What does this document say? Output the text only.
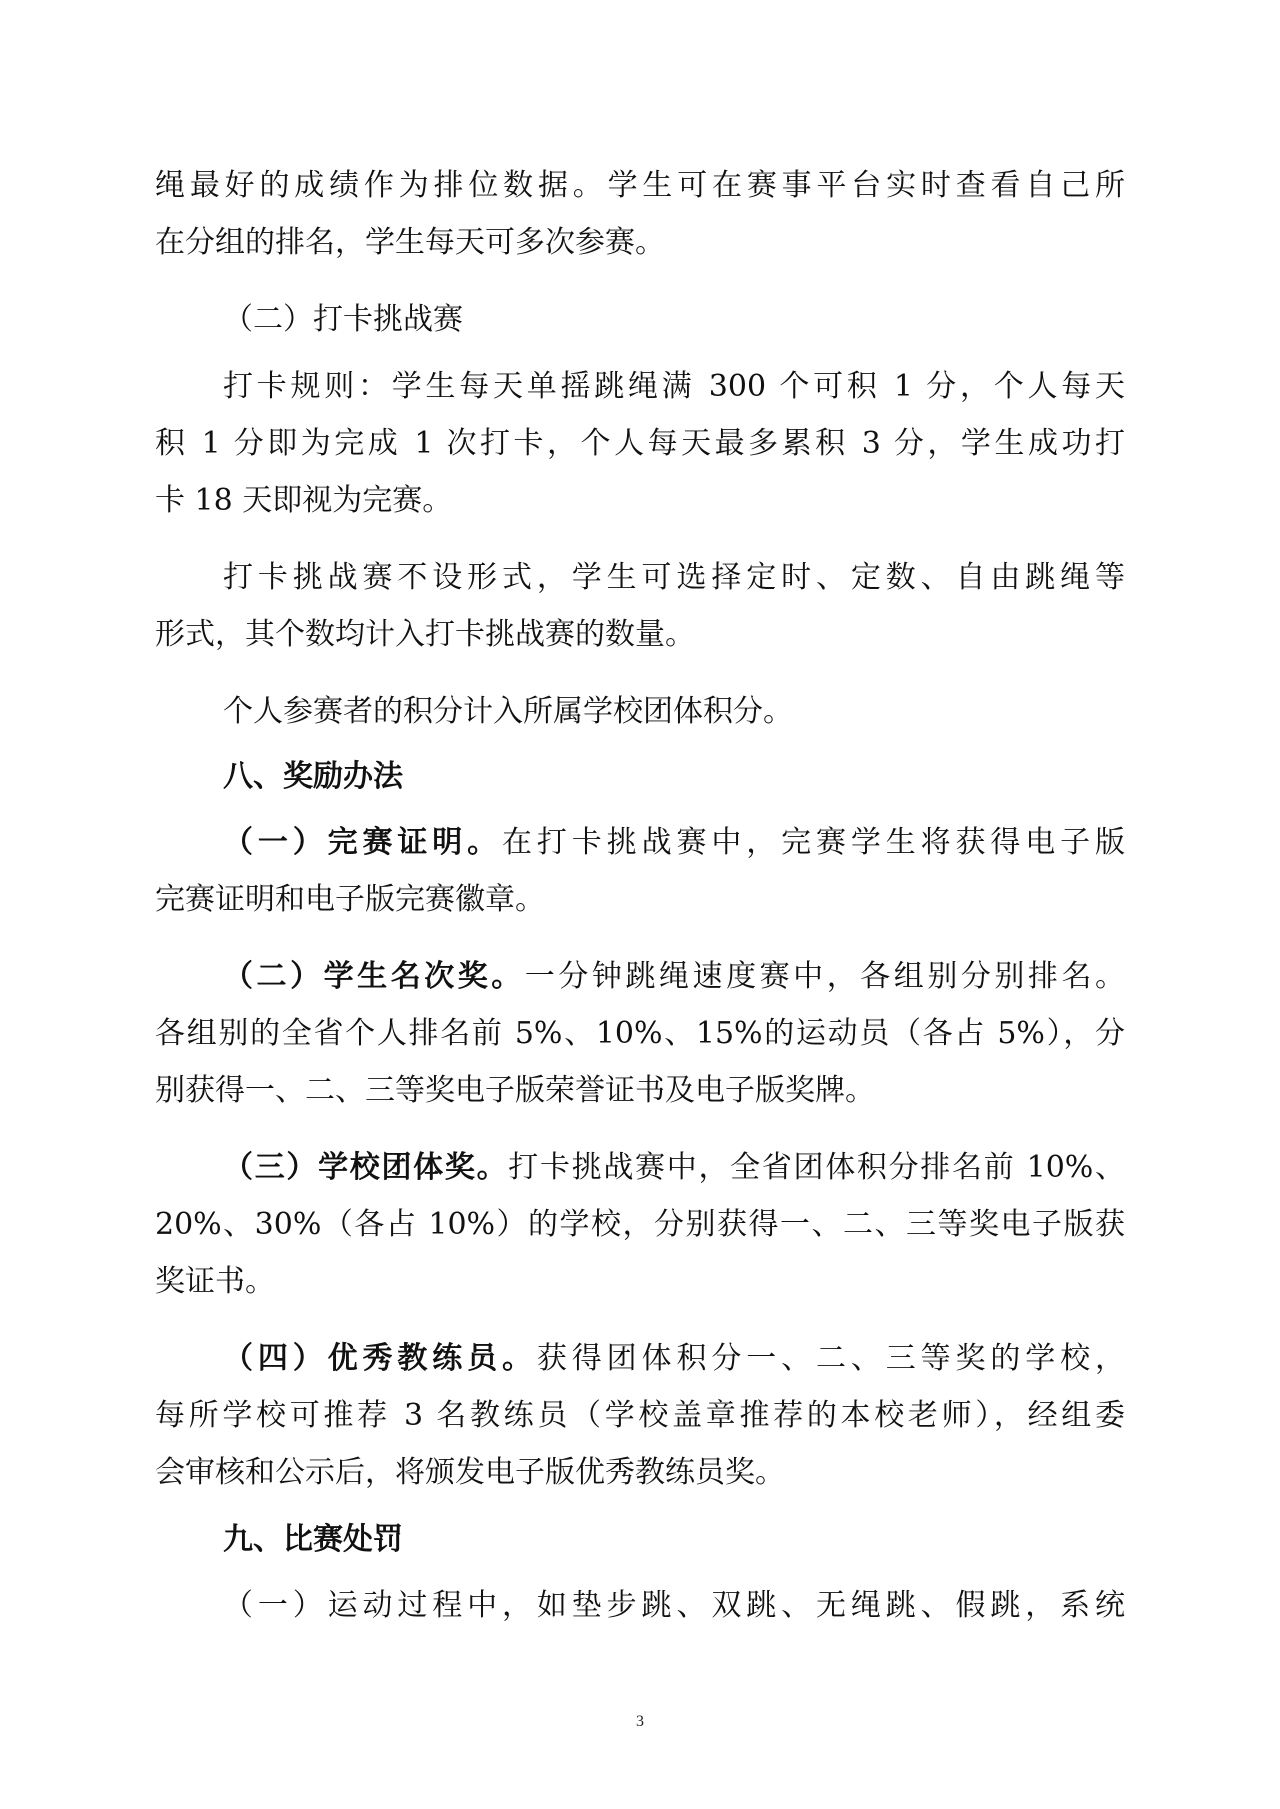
绳最好的成绩作为排位数据。学生可在赛事平台实时查看自己所
在分组的排名，学生每天可多次参赛。
（二）打卡挑战赛
打卡规则：学生每天单摇跳绳满 300 个可积 1 分，个人每天
积 1 分即为完成 1 次打卡，个人每天最多累积 3 分，学生成功打
卡 18 天即视为完赛。
打卡挑战赛不设形式，学生可选择定时、定数、自由跳绳等
形式，其个数均计入打卡挑战赛的数量。
个人参赛者的积分计入所属学校团体积分。
八、奖励办法
（一）完赛证明。在打卡挑战赛中，完赛学生将获得电子版
完赛证明和电子版完赛徽章。
（二）学生名次奖。一分钟跳绳速度赛中，各组别分别排名。
各组别的全省个人排名前 5%、10%、15%的运动员（各占 5%），分
别获得一、二、三等奖电子版荣誉证书及电子版奖牌。
（三）学校团体奖。打卡挑战赛中，全省团体积分排名前 10%、
20%、30%（各占 10%）的学校，分别获得一、二、三等奖电子版获
奖证书。
（四）优秀教练员。获得团体积分一、二、三等奖的学校，
每所学校可推荐 3 名教练员（学校盖章推荐的本校老师），经组委
会审核和公示后，将颁发电子版优秀教练员奖。
九、比赛处罚
（一）运动过程中，如垫步跳、双跳、无绳跳、假跳，系统
3
